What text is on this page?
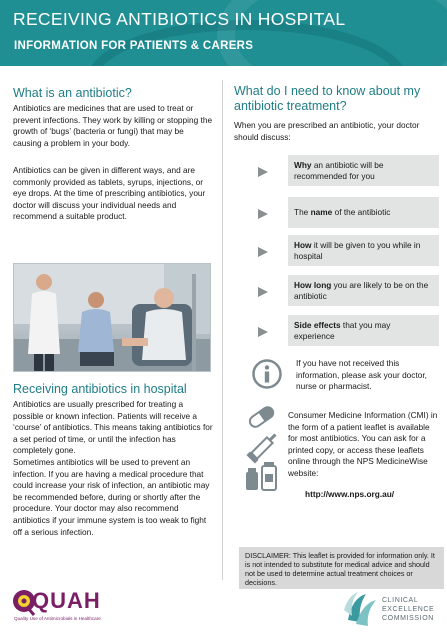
RECEIVING ANTIBIOTICS IN HOSPITAL
INFORMATION FOR PATIENTS & CARERS
What is an antibiotic?

Antibiotics are medicines that are used to treat or prevent infections. They work by killing or stopping the growth of ‘bugs’ (bacteria or fungi) that may be causing a problem in your body.

Antibiotics can be given in different ways, and are commonly provided as tablets, syrups, injections, or eye drops. At the time of prescribing antibiotics, your doctor will discuss your individual needs and recommend a suitable product.

Receiving antibiotics in hospital

Antibiotics are usually prescribed for treating a possible or known infection. Patients will receive a ‘course’ of antibiotics. This means taking antibiotics for a set period of time, or until the infection has completely gone.

Sometimes antibiotics will be used to prevent an infection. If you are having a medical procedure that could increase your risk of infection, an antibiotic may be recommended before, during or shortly after the procedure. Your doctor may also recommend antibiotics if your immune system is too weak to fight off a serious infection.

What do I need to know about my antibiotic treatment?

When you are prescribed an antibiotic, your doctor should discuss:

Why an antibiotic will be recommended for you
The name of the antibiotic
How it will be given to you while in hospital
How long you are likely to be on the antibiotic
Side effects that you may experience

If you have not received this information, please ask your doctor, nurse or pharmacist.

Consumer Medicine Information (CMI) in the form of a patient leaflet is available for most antibiotics. You can ask for a printed copy, or access these leaflets online through the NPS MedicineWise website:

http://www.nps.org.au/

DISCLAIMER: This leaflet is provided for information only. It is not intended to substitute for medical advice and should not be used to determine actual treatment choices or decisions.
QUAH
Quality Use of Antimicrobials in Healthcare
CLINICAL
EXCELLENCE
COMMISSION
